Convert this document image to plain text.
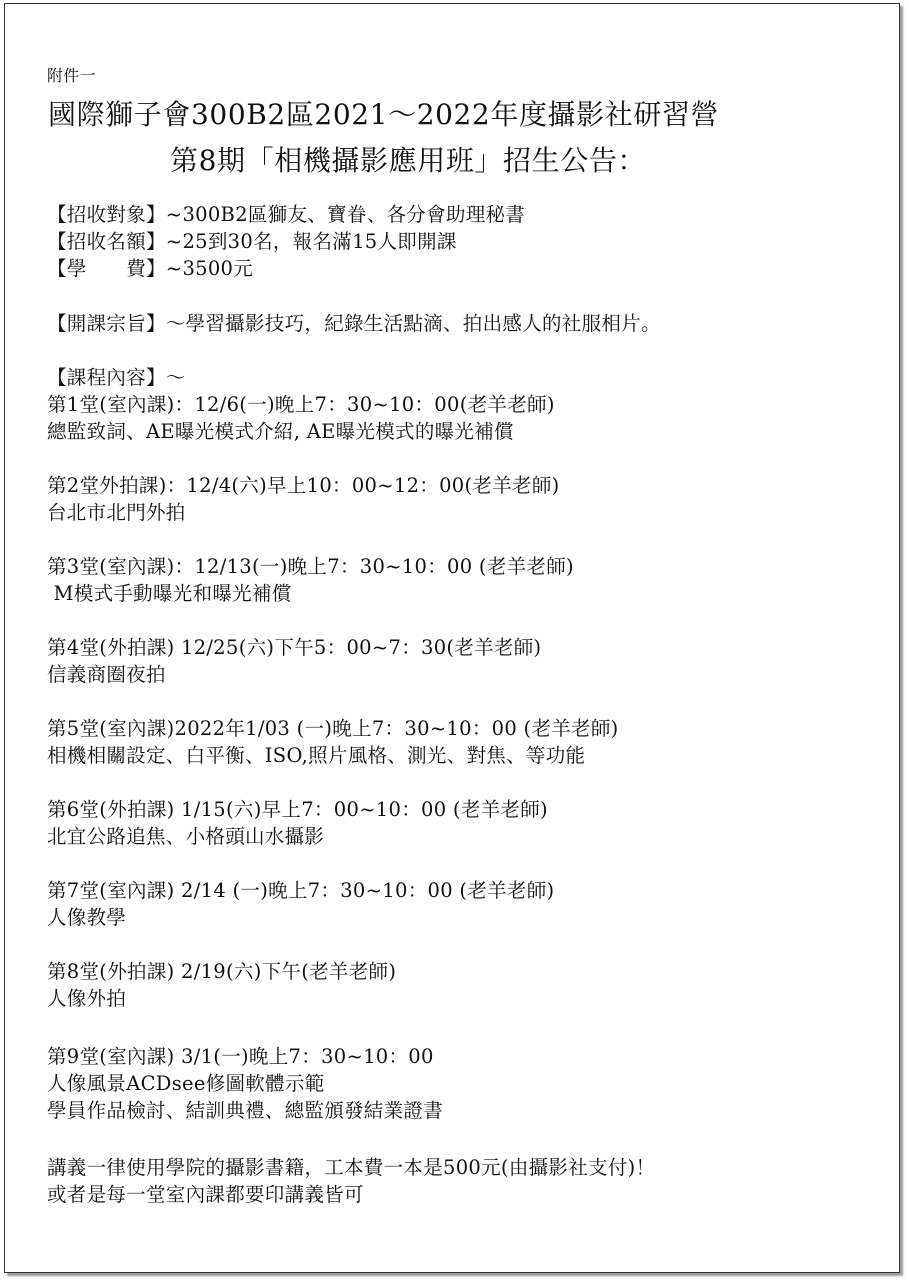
附件一
國際獅子會300B2區2021～2022年度攝影社研習營
第8期「相機攝影應用班」招生公告：
【招收對象】~300B2區獅友、寶眷、各分會助理秘書
【招收名額】~25到30名，報名滿15人即開課
【學　　費】~3500元
【開課宗旨】～學習攝影技巧，紀錄生活點滴、拍出感人的社服相片。
【課程內容】～
第1堂(室內課)：12/6(一)晚上7：30~10：00(老羊老師)
總監致詞、AE曝光模式介紹, AE曝光模式的曝光補償
第2堂外拍課)：12/4(六)早上10：00~12：00(老羊老師)
台北市北門外拍
第3堂(室內課)：12/13(一)晚上7：30~10：00 (老羊老師)
M模式手動曝光和曝光補償
第4堂(外拍課) 12/25(六)下午5：00~7：30(老羊老師)
信義商圈夜拍
第5堂(室內課)2022年1/03 (一)晚上7：30~10：00 (老羊老師)
相機相關設定、白平衡、ISO,照片風格、測光、對焦、等功能
第6堂(外拍課) 1/15(六)早上7：00~10：00 (老羊老師)
北宜公路追焦、小格頭山水攝影
第7堂(室內課) 2/14 (一)晚上7：30~10：00 (老羊老師)
人像教學
第8堂(外拍課) 2/19(六)下午(老羊老師)
人像外拍
第9堂(室內課) 3/1(一)晚上7：30~10：00
人像風景ACDsee修圖軟體示範
學員作品檢討、結訓典禮、總監頒發結業證書
講義一律使用學院的攝影書籍，工本費一本是500元(由攝影社支付)！
或者是每一堂室內課都要印講義皆可
